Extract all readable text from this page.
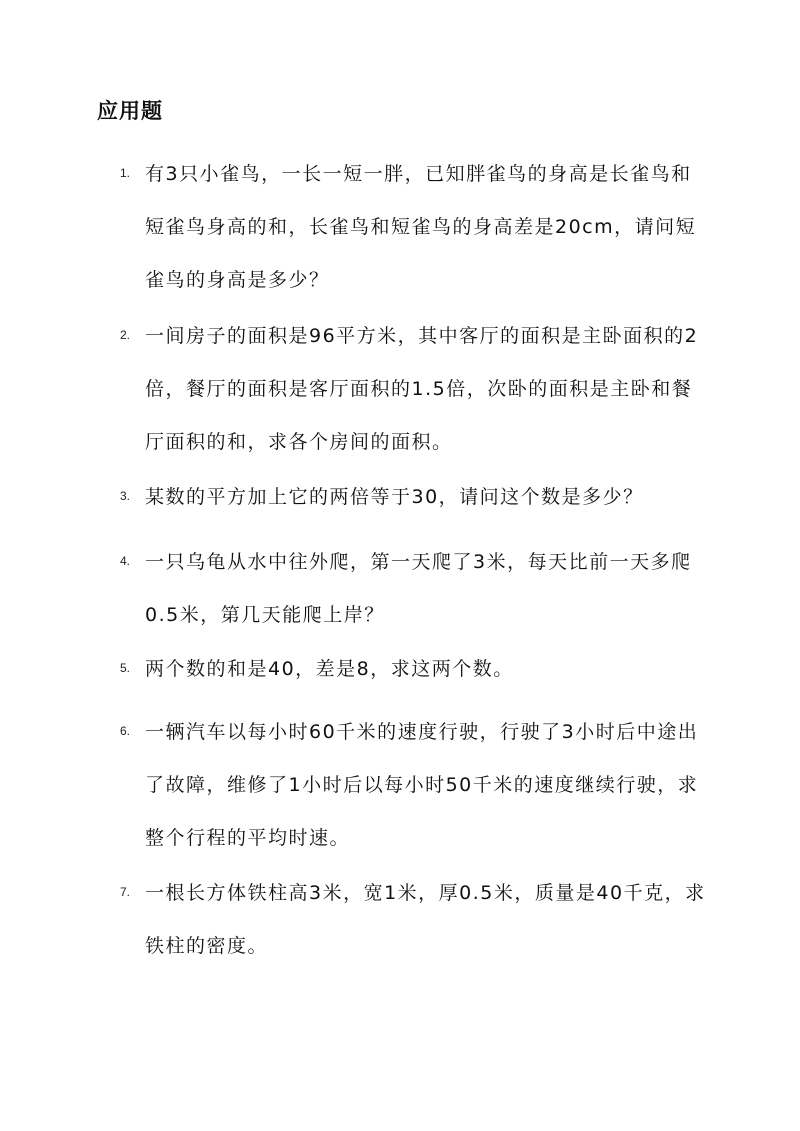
应用题
1. 有3只小雀鸟，一长一短一胖，已知胖雀鸟的身高是长雀鸟和短雀鸟身高的和，长雀鸟和短雀鸟的身高差是20cm，请问短雀鸟的身高是多少？
2. 一间房子的面积是96平方米，其中客厅的面积是主卧面积的2倍，餐厅的面积是客厅面积的1.5倍，次卧的面积是主卧和餐厅面积的和，求各个房间的面积。
3. 某数的平方加上它的两倍等于30，请问这个数是多少？
4. 一只乌龟从水中往外爬，第一天爬了3米，每天比前一天多爬0.5米，第几天能爬上岸？
5. 两个数的和是40，差是8，求这两个数。
6. 一辆汽车以每小时60千米的速度行驶，行驶了3小时后中途出了故障，维修了1小时后以每小时50千米的速度继续行驶，求整个行程的平均时速。
7. 一根长方体铁柱高3米，宽1米，厚0.5米，质量是40千克，求铁柱的密度。
